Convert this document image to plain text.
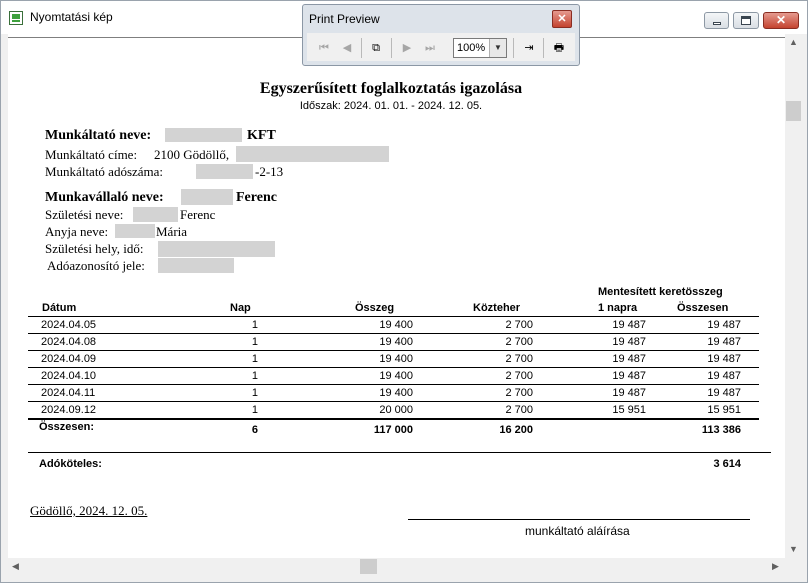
Nyomtatási kép	✕
Egyszerűsített foglalkoztatás igazolása
Időszak: 2024. 01. 01. - 2024. 12. 05.
Munkáltató neve:	KFT
Munkáltató címe: 2100 Gödöllő,
Munkáltató adószáma:	-2-13
Munkavállaló neve:	Ferenc
Születési neve:	Ferenc
Anyja neve:	Mária
Születési hely, idő:
Adóazonosító jele:
Mentesített keretösszeg
Dátum	Nap	Összeg	Közteher	1 napra	Összesen
2024.04.05	1	19 400	2 700	19 487	19 487
2024.04.08	1	19 400	2 700	19 487	19 487
2024.04.09	1	19 400	2 700	19 487	19 487
2024.04.10	1	19 400	2 700	19 487	19 487
2024.04.11	1	19 400	2 700	19 487	19 487
2024.09.12	1	20 000	2 700	15 951	15 951
Összesen:	6	117 000	16 200	113 386
Adóköteles:	3 614
Gödöllő, 2024. 12. 05.
munkáltató aláírása
▲
▼
◀	▶
Print Preview	✕
⏮	◀	⧉	▶	⏭	100%	▼	⇥	🖶
